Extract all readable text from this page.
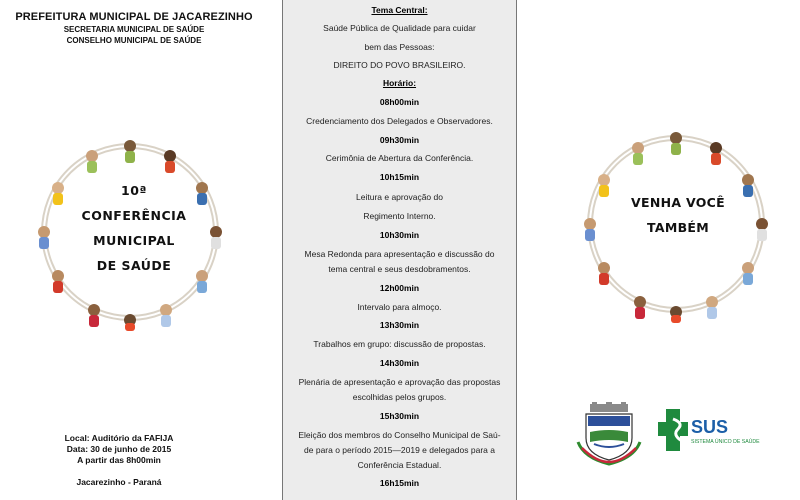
PREFEITURA MUNICIPAL DE JACAREZINHO
SECRETARIA MUNICIPAL DE SAÚDE
CONSELHO MUNICIPAL DE SAÚDE
10ª
CONFERÊNCIA
MUNICIPAL
DE SAÚDE
Local: Auditório da FAFIJA
Data: 30 de junho de 2015
A partir das 8h00min
Jacarezinho - Paraná
Tema Central:
Saúde Pública de Qualidade para cuidar
bem das Pessoas:
DIREITO DO POVO BRASILEIRO.
Horário:
08h00min
Credenciamento dos Delegados e Observadores.
09h30min
Cerimônia de Abertura da Conferência.
10h15min
Leitura e aprovação do
Regimento Interno.
10h30min
Mesa Redonda para apresentação e discussão do
tema central e seus desdobramentos.
12h00min
Intervalo para almoço.
13h30min
Trabalhos em grupo: discussão de propostas.
14h30min
Plenária de apresentação e aprovação das propostas
escolhidas pelos grupos.
15h30min
Eleição dos membros do Conselho Municipal de Saú-
de para o período 2015—2019 e delegados para a
Conferência Estadual.
16h15min
VENHA VOCÊ
TAMBÉM
SUS
SISTEMA ÚNICO DE SAÚDE
